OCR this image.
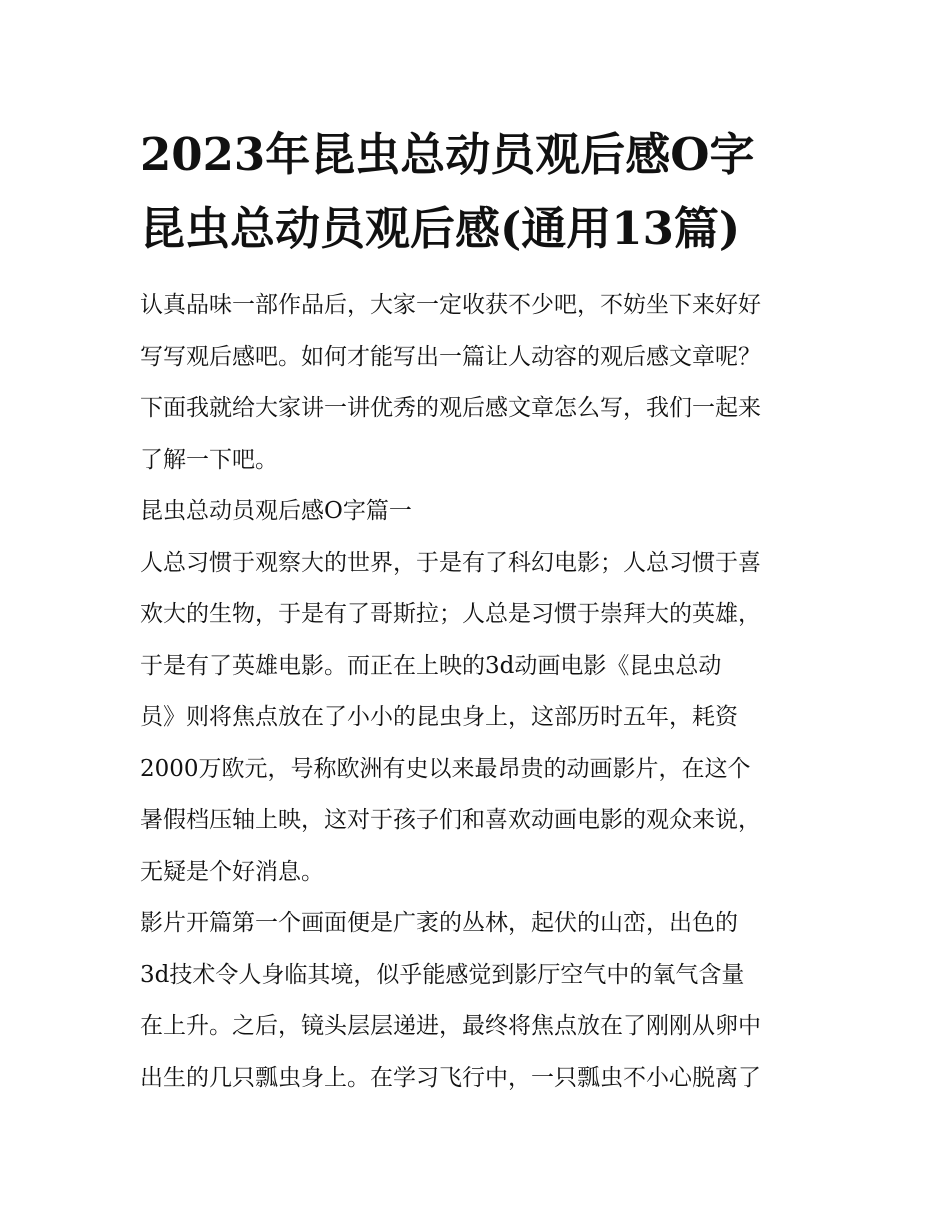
2023年昆虫总动员观后感O字
昆虫总动员观后感(通用13篇)

认真品味一部作品后，大家一定收获不少吧，不妨坐下来好好
写写观后感吧。如何才能写出一篇让人动容的观后感文章呢？
下面我就给大家讲一讲优秀的观后感文章怎么写，我们一起来
了解一下吧。

昆虫总动员观后感O字篇一

人总习惯于观察大的世界，于是有了科幻电影；人总习惯于喜
欢大的生物，于是有了哥斯拉；人总是习惯于崇拜大的英雄，
于是有了英雄电影。而正在上映的3d动画电影《昆虫总动
员》则将焦点放在了小小的昆虫身上，这部历时五年，耗资
2000万欧元，号称欧洲有史以来最昂贵的动画影片，在这个
暑假档压轴上映，这对于孩子们和喜欢动画电影的观众来说，
无疑是个好消息。

影片开篇第一个画面便是广袤的丛林，起伏的山峦，出色的
3d技术令人身临其境，似乎能感觉到影厅空气中的氧气含量
在上升。之后，镜头层层递进，最终将焦点放在了刚刚从卵中
出生的几只瓢虫身上。在学习飞行中，一只瓢虫不小心脱离了
